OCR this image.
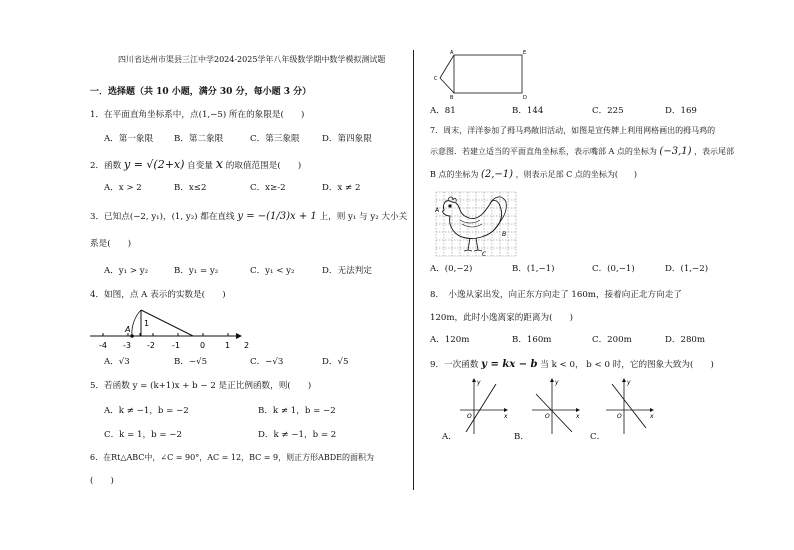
四川省达州市渠县三江中学2024-2025学年八年级数学期中数学模拟测试题
一．选择题（共 10 小题，满分 30 分，每小题 3 分）
1．在平面直角坐标系中，点(1,−5) 所在的象限是(　　)
A．第一象限 B．第二象限	C．第三象限	D．第四象限
2．函数 y = √(2+x) 自变量 x 的取值范围是(　　)
A．x > 2	B．x≤2	C．x≥-2	D．x ≠ 2
3．已知点(−2, y₁)，(1, y₂) 都在直线 y = −(1/3)x + 1 上，则 y₁ 与 y₂ 大小关
系是(　　)
A．y₁ > y₂	B．y₁ = y₂	C．y₁ < y₂	D．无法判定
4．如图，点 A 表示的实数是(　　)
A
1
-4 -3 -2 -1	0 1 2
A．√3	B．−√5	C．−√3	D．√5
5．若函数 y = (k+1)x + b − 2 是正比例函数，则(　　)
A．k ≠ −1，b = −2	B．k ≠ 1，b = −2
C．k = 1，b = −2	D．k ≠ −1，b = 2
6．在Rt△ABC中，∠C = 90°，AC = 12，BC = 9，则正方形ABDE的面积为
(　　)
A	E
C
B	D
A．81	B．144	C．225	D．169
7．周末，洋洋参加了拇马鸡敞旧活动，如图是宣传牌上利用网格画出的拇马鸡的
示意图．若建立适当的平面直角坐标系，表示嘴部 A 点的坐标为 (−3,1) ，表示尾部
B 点的坐标为 (2,−1) ，则表示足部 C 点的坐标为(　　)
A
B
C
A．(0,−2)	B．(1,−1)	C．(0,−1)	D．(1,−2)
8．　小逸从家出发，向正东方向走了 160m，接着向正北方向走了
120m，此时小逸离家的距离为(　　)
A．120m	B．160m	C．200m	D．280m
9．一次函数 y = kx − b 当 k < 0， b < 0 时，它的图象大致为(　　)
y
x
O
y
x
O
y
x
O
A．	B．	C．
